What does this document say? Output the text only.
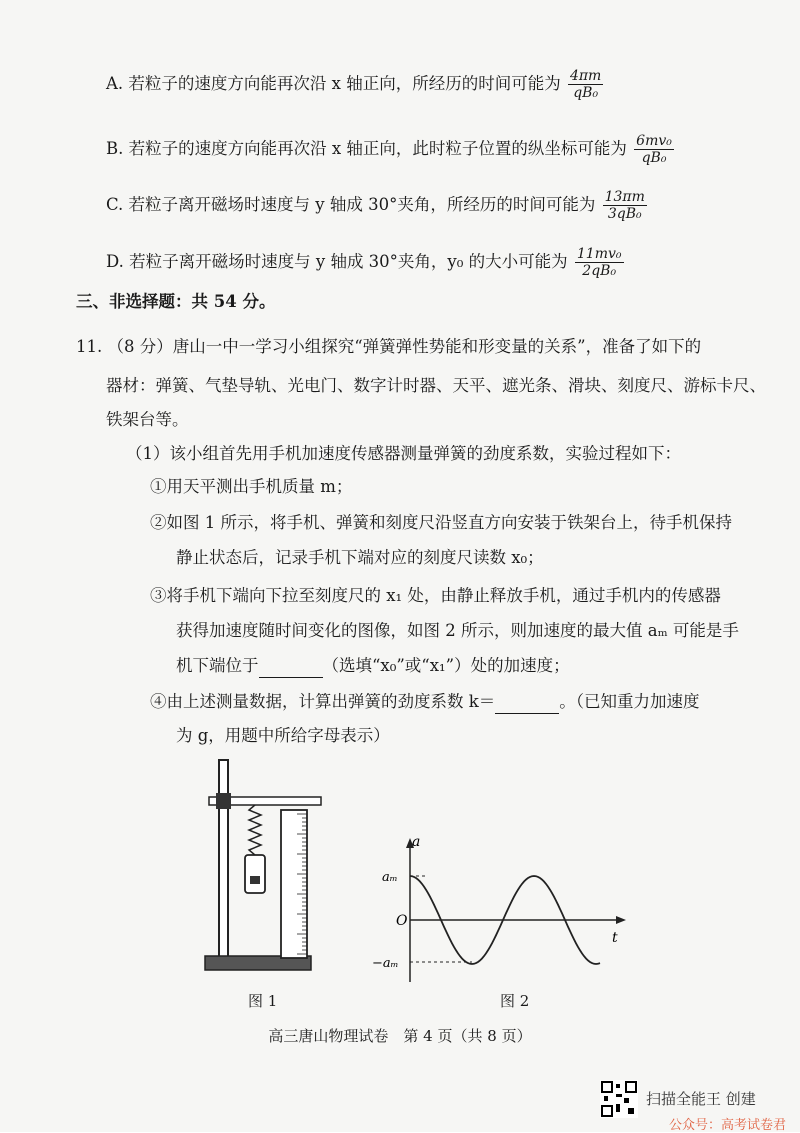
A. 若粒子的速度方向能再次沿 x 轴正向，所经历的时间可能为 $\frac{4\pi m}{\text{qB₀}}$
B. 若粒子的速度方向能再次沿 x 轴正向，此时粒子位置的纵坐标可能为 $\frac{\text{6mv₀}}{\text{qB₀}}$
C. 若粒子离开磁场时速度与 y 轴成 30°夹角，所经历的时间可能为 $\frac{13\pi m}{\text{3qB₀}}$
D. 若粒子离开磁场时速度与 y 轴成 30°夹角，y₀ 的大小可能为 $\frac{\text{11mv₀}}{\text{2qB₀}}$
三、非选择题：共 54 分。
11. （8 分）唐山一中一学习小组探究“弹簧弹性势能和形变量的关系”，准备了如下的
器材：弹簧、气垫导轨、光电门、数字计时器、天平、遮光条、滑块、刻度尺、游标卡尺、
铁架台等。
（1）该小组首先用手机加速度传感器测量弹簧的劲度系数，实验过程如下：
①用天平测出手机质量 m；
②如图 1 所示，将手机、弹簧和刻度尺沿竖直方向安装于铁架台上，待手机保持
静止状态后，记录手机下端对应的刻度尺读数 x₀；
③将手机下端向下拉至刻度尺的 x₁ 处，由静止释放手机，通过手机内的传感器
获得加速度随时间变化的图像，如图 2 所示，则加速度的最大值 aₘ 可能是手
机下端位于	（选填“x₀”或“x₁”）处的加速度；
④由上述测量数据，计算出弹簧的劲度系数 k＝	。（已知重力加速度
为 g，用题中所给字母表示）
图 1
a
t
O
aₘ
−aₘ
图 2
高三唐山物理试卷　第 4 页（共 8 页）
扫描全能王 创建
公众号：高考试卷君
